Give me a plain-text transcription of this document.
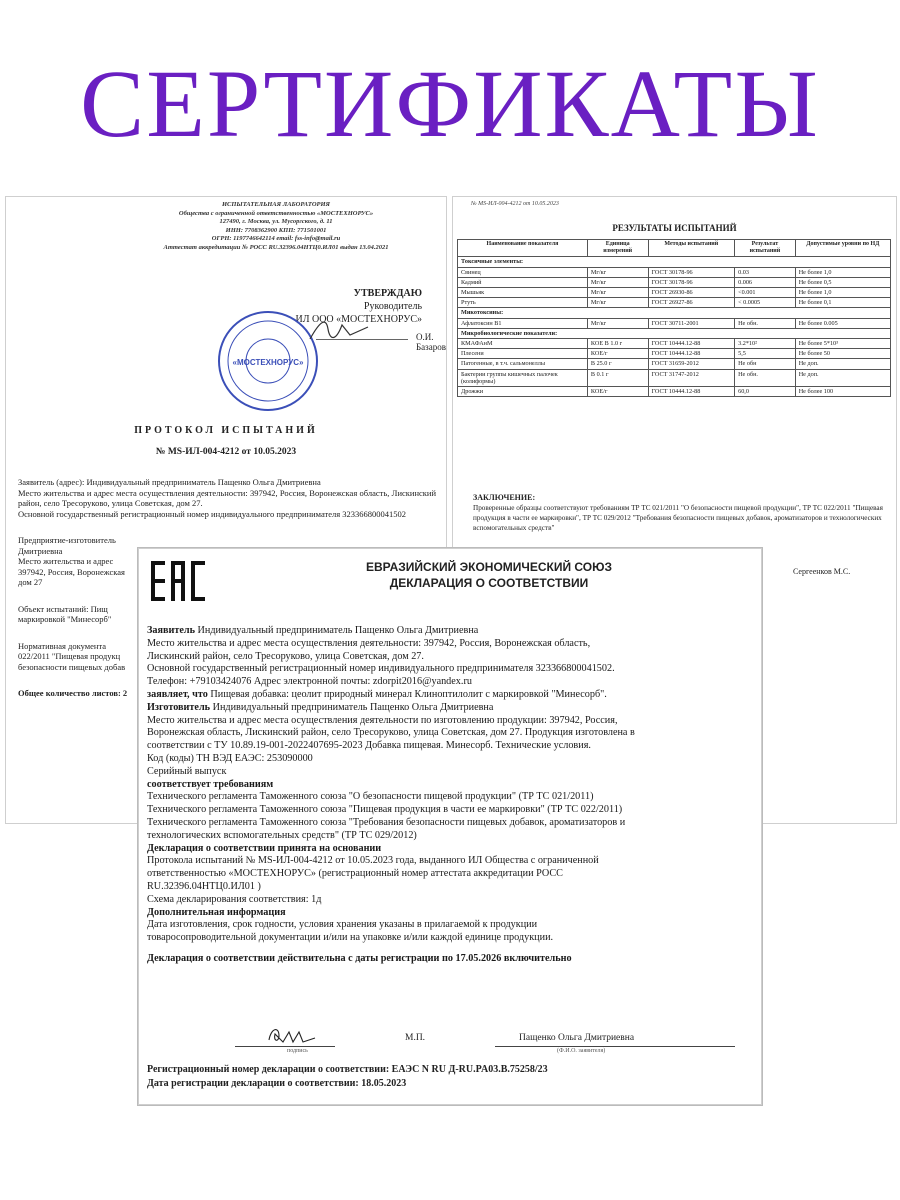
СЕРТИФИКАТЫ
ИСПЫТАТЕЛЬНАЯ ЛАБОРАТОРИЯ
Общества с ограниченной ответственностью «МОСТЕХНОРУС»
127490, г. Москва, ул. Мусоргского, д. 11
ИНН: 7708362900 КПП: 771501001
ОГРН: 1197746642114 email: fss-info@mail.ru
Аттестат аккредитации № РОСС RU.32396.04НТЦ0.ИЛ01 выдан 13.04.2021
УТВЕРЖДАЮ
Руководитель
ИЛ ООО «МОСТЕХНОРУС»
«МОСТЕХНОРУС»
О.И. Базаров
ПРОТОКОЛ ИСПЫТАНИЙ
№ MS-ИЛ-004-4212 от 10.05.2023
Заявитель (адрес): Индивидуальный предприниматель Пащенко Ольга Дмитриевна
Место жительства и адрес места осуществления деятельности: 397942, Россия, Воронежская область, Лискинский район, село Тресоруково, улица Советская, дом 27.
Основной государственный регистрационный номер индивидуального предпринимателя 323366800041502
Предприятие-изготовитель
Дмитриевна
Место жительства и адрес
397942, Россия, Воронежская
дом 27
Объект испытаний: Пищ
маркировкой "Минесорб"
Нормативная документа
022/2011 "Пищевая продукц
безопасности пищевых добав
Общее количество листов: 2
№ MS-ИЛ-004-4212 от 10.05.2023
РЕЗУЛЬТАТЫ ИСПЫТАНИЙ
Наименование показателя	Единица измерений	Методы испытаний	Результат испытаний	Допустимые уровни по НД
Токсичные элементы:				
Свинец	Мг/кг	ГОСТ 30178-96	0.03	Не более 1,0
Кадмий	Мг/кг	ГОСТ 30178-96	0.006	Не более 0,5
Мышьяк	Мг/кг	ГОСТ 26930-86	<0.001	Не более 1,0
Ртуть	Мг/кг	ГОСТ 26927-86	< 0.0005	Не более 0,1
Микотоксины:				
Афлатоксин В1	Мг/кг	ГОСТ 30711-2001	Не обн.	Не более 0.005
Микробиологические показатели:				
КМАФАнМ	КОЕ В 1.0 г	ГОСТ 10444.12-88	3.2*10²	Не более 5*10³
Плесени	КОЕ/г	ГОСТ 10444.12-88	5,5	Не более 50
Патогенные, в т.ч. сальмонеллы	В 25.0 г	ГОСТ 31659-2012	Не обн	Не доп.
Бактерии группы кишечных палочек (колиформы)	В 0.1 г	ГОСТ 31747-2012	Не обн.	Не доп.
Дрожжи	КОЕ/г	ГОСТ 10444.12-88	60,0	Не более 100
ЗАКЛЮЧЕНИЕ:
Проверенные образцы соответствуют требованиям ТР ТС 021/2011 "О безопасности пищевой продукции", ТР ТС 022/2011 "Пищевая продукция в части ее маркировки", ТР ТС 029/2012 "Требования безопасности пищевых добавок, ароматизаторов и технологических вспомогательных средств"
Сергеенков М.С.
ЕВРАЗИЙСКИЙ ЭКОНОМИЧЕСКИЙ СОЮЗ
ДЕКЛАРАЦИЯ О СООТВЕТСТВИИ

Заявитель Индивидуальный предприниматель Пащенко Ольга Дмитриевна

Место жительства и адрес места осуществления деятельности: 397942, Россия, Воронежская область,

Лискинский район, село Тресоруково, улица Советская, дом 27.

Основной государственный регистрационный номер индивидуального предпринимателя 323366800041502.

Телефон: +79103424076 Адрес электронной почты: zdorpit2016@yandex.ru

заявляет, что Пищевая добавка: цеолит природный минерал Клиноптилолит с маркировкой "Минесорб".

Изготовитель Индивидуальный предприниматель Пащенко Ольга Дмитриевна

Место жительства и адрес места осуществления деятельности по изготовлению продукции: 397942, Россия,

Воронежская область, Лискинский район, село Тресоруково, улица Советская, дом 27. Продукция изготовлена в

соответствии с ТУ 10.89.19-001-2022407695-2023 Добавка пищевая. Минесорб. Технические условия.

Код (коды) ТН ВЭД ЕАЭС: 253090000

Серийный выпуск

соответствует требованиям

Технического регламента Таможенного союза "О безопасности пищевой продукции" (ТР ТС 021/2011)

Технического регламента Таможенного союза "Пищевая продукция в части ее маркировки" (ТР ТС 022/2011)

Технического регламента Таможенного союза "Требования безопасности пищевых добавок, ароматизаторов и

технологических вспомогательных средств" (ТР ТС 029/2012)

Декларация о соответствии принята на основании

Протокола испытаний № MS-ИЛ-004-4212 от 10.05.2023 года, выданного ИЛ Общества с ограниченной

ответственностью «МОСТЕХНОРУС» (регистрационный номер аттестата аккредитации РОСС

RU.32396.04НТЦ0.ИЛ01 )

Схема декларирования соответствия: 1д

Дополнительная информация

Дата изготовления, срок годности, условия хранения указаны в прилагаемой к продукции

товаросопроводительной документации и/или на упаковке и/или каждой единице продукции.

Декларация о соответствии действительна с даты регистрации по 17.05.2026 включительно

подпись
М.П.	Пащенко Ольга Дмитриевна
(Ф.И.О. заявителя)
Регистрационный номер декларации о соответствии: ЕАЭС N RU Д-RU.PA03.B.75258/23
Дата регистрации декларации о соответствии: 18.05.2023
